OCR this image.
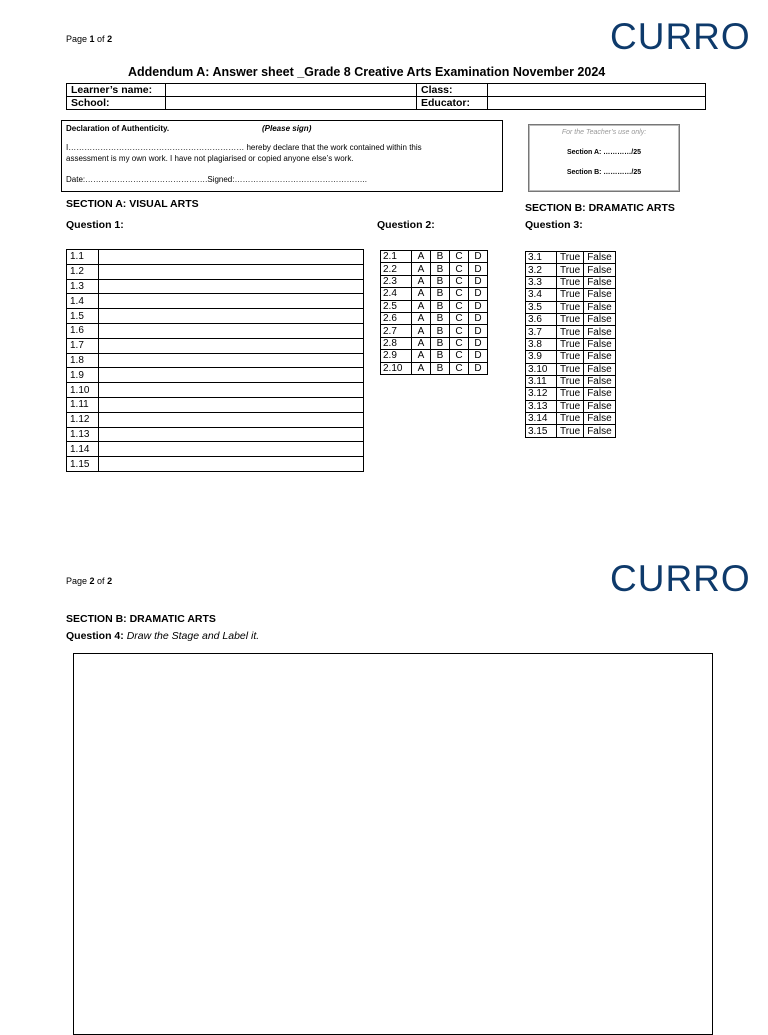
Page 1 of 2	CURRO
Addendum A: Answer sheet _Grade 8 Creative Arts Examination November 2024
Learner’s name:		Class:	
School:		Educator:	
Declaration of Authenticity.	(Please sign)
I………………………………………………………… hereby declare that the work contained within this
assessment is my own work. I have not plagiarised or copied anyone else’s work.
Date:……………………………………….Signed:…………………………………………..
For the Teacher’s use only:
Section A: …………/25
Section B: …………/25
SECTION A: VISUAL ARTS	SECTION B: DRAMATIC ARTS
Question 1:	Question 2:	Question 3:
1.1	
1.2	
1.3	
1.4	
1.5	
1.6	
1.7	
1.8	
1.9	
1.10	
1.11	
1.12	
1.13	
1.14	
1.15	
2.1	A	B	C	D
2.2	A	B	C	D
2.3	A	B	C	D
2.4	A	B	C	D
2.5	A	B	C	D
2.6	A	B	C	D
2.7	A	B	C	D
2.8	A	B	C	D
2.9	A	B	C	D
2.10	A	B	C	D
3.1	True	False
3.2	True	False
3.3	True	False
3.4	True	False
3.5	True	False
3.6	True	False
3.7	True	False
3.8	True	False
3.9	True	False
3.10	True	False
3.11	True	False
3.12	True	False
3.13	True	False
3.14	True	False
3.15	True	False
Page 2 of 2	CURRO
SECTION B: DRAMATIC ARTS
Question 4: Draw the Stage and Label it.
